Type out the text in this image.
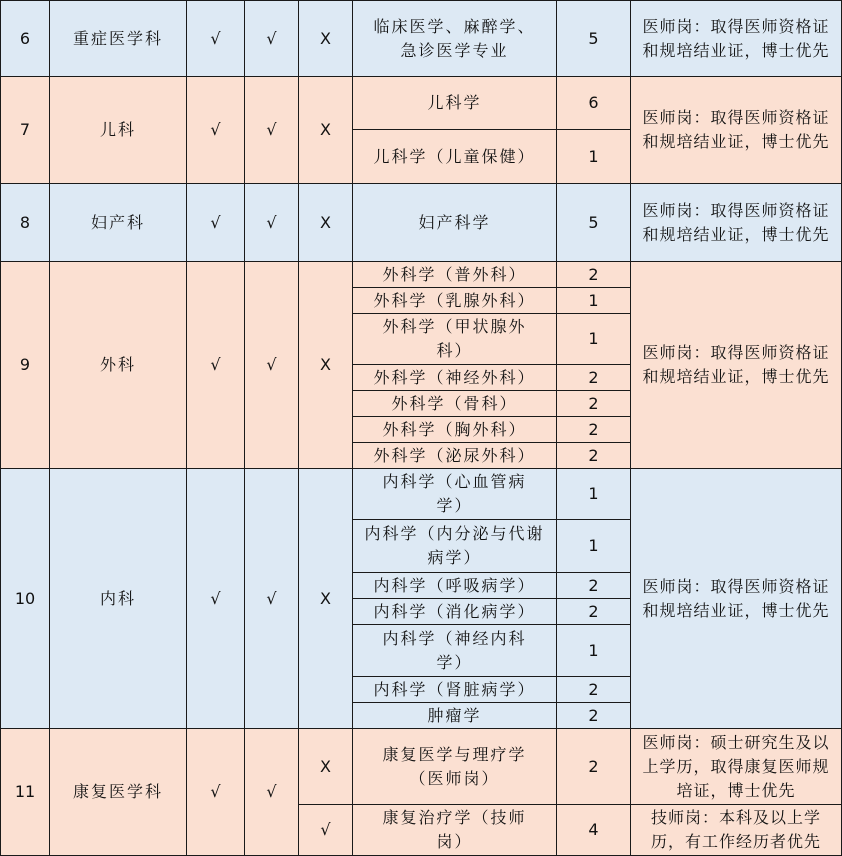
6	重症医学科	√	√	X	临床医学、麻醉学、急诊医学专业	5	医师岗：取得医师资格证和规培结业证，博士优先
7	儿科	√	√	X	儿科学	6	医师岗：取得医师资格证和规培结业证，博士优先
					儿科学（儿童保健）	1	
8	妇产科	√	√	X	妇产科学	5	医师岗：取得医师资格证和规培结业证，博士优先
9	外科	√	√	X	外科学（普外科）	2	医师岗：取得医师资格证和规培结业证，博士优先
					外科学（乳腺外科）	1	
					外科学（甲状腺外科）	1	
					外科学（神经外科）	2	
					外科学（骨科）	2	
					外科学（胸外科）	2	
					外科学（泌尿外科）	2	
10	内科	√	√	X	内科学（心血管病学）	1	医师岗：取得医师资格证和规培结业证，博士优先
					内科学（内分泌与代谢病学）	1	
					内科学（呼吸病学）	2	
					内科学（消化病学）	2	
					内科学（神经内科学）	1	
					内科学（肾脏病学）	2	
					肿瘤学	2	
11	康复医学科	√	√	X	康复医学与理疗学（医师岗）	2	医师岗：硕士研究生及以上学历，取得康复医师规培证，博士优先
				√	康复治疗学（技师岗）	4	技师岗：本科及以上学历，有工作经历者优先
